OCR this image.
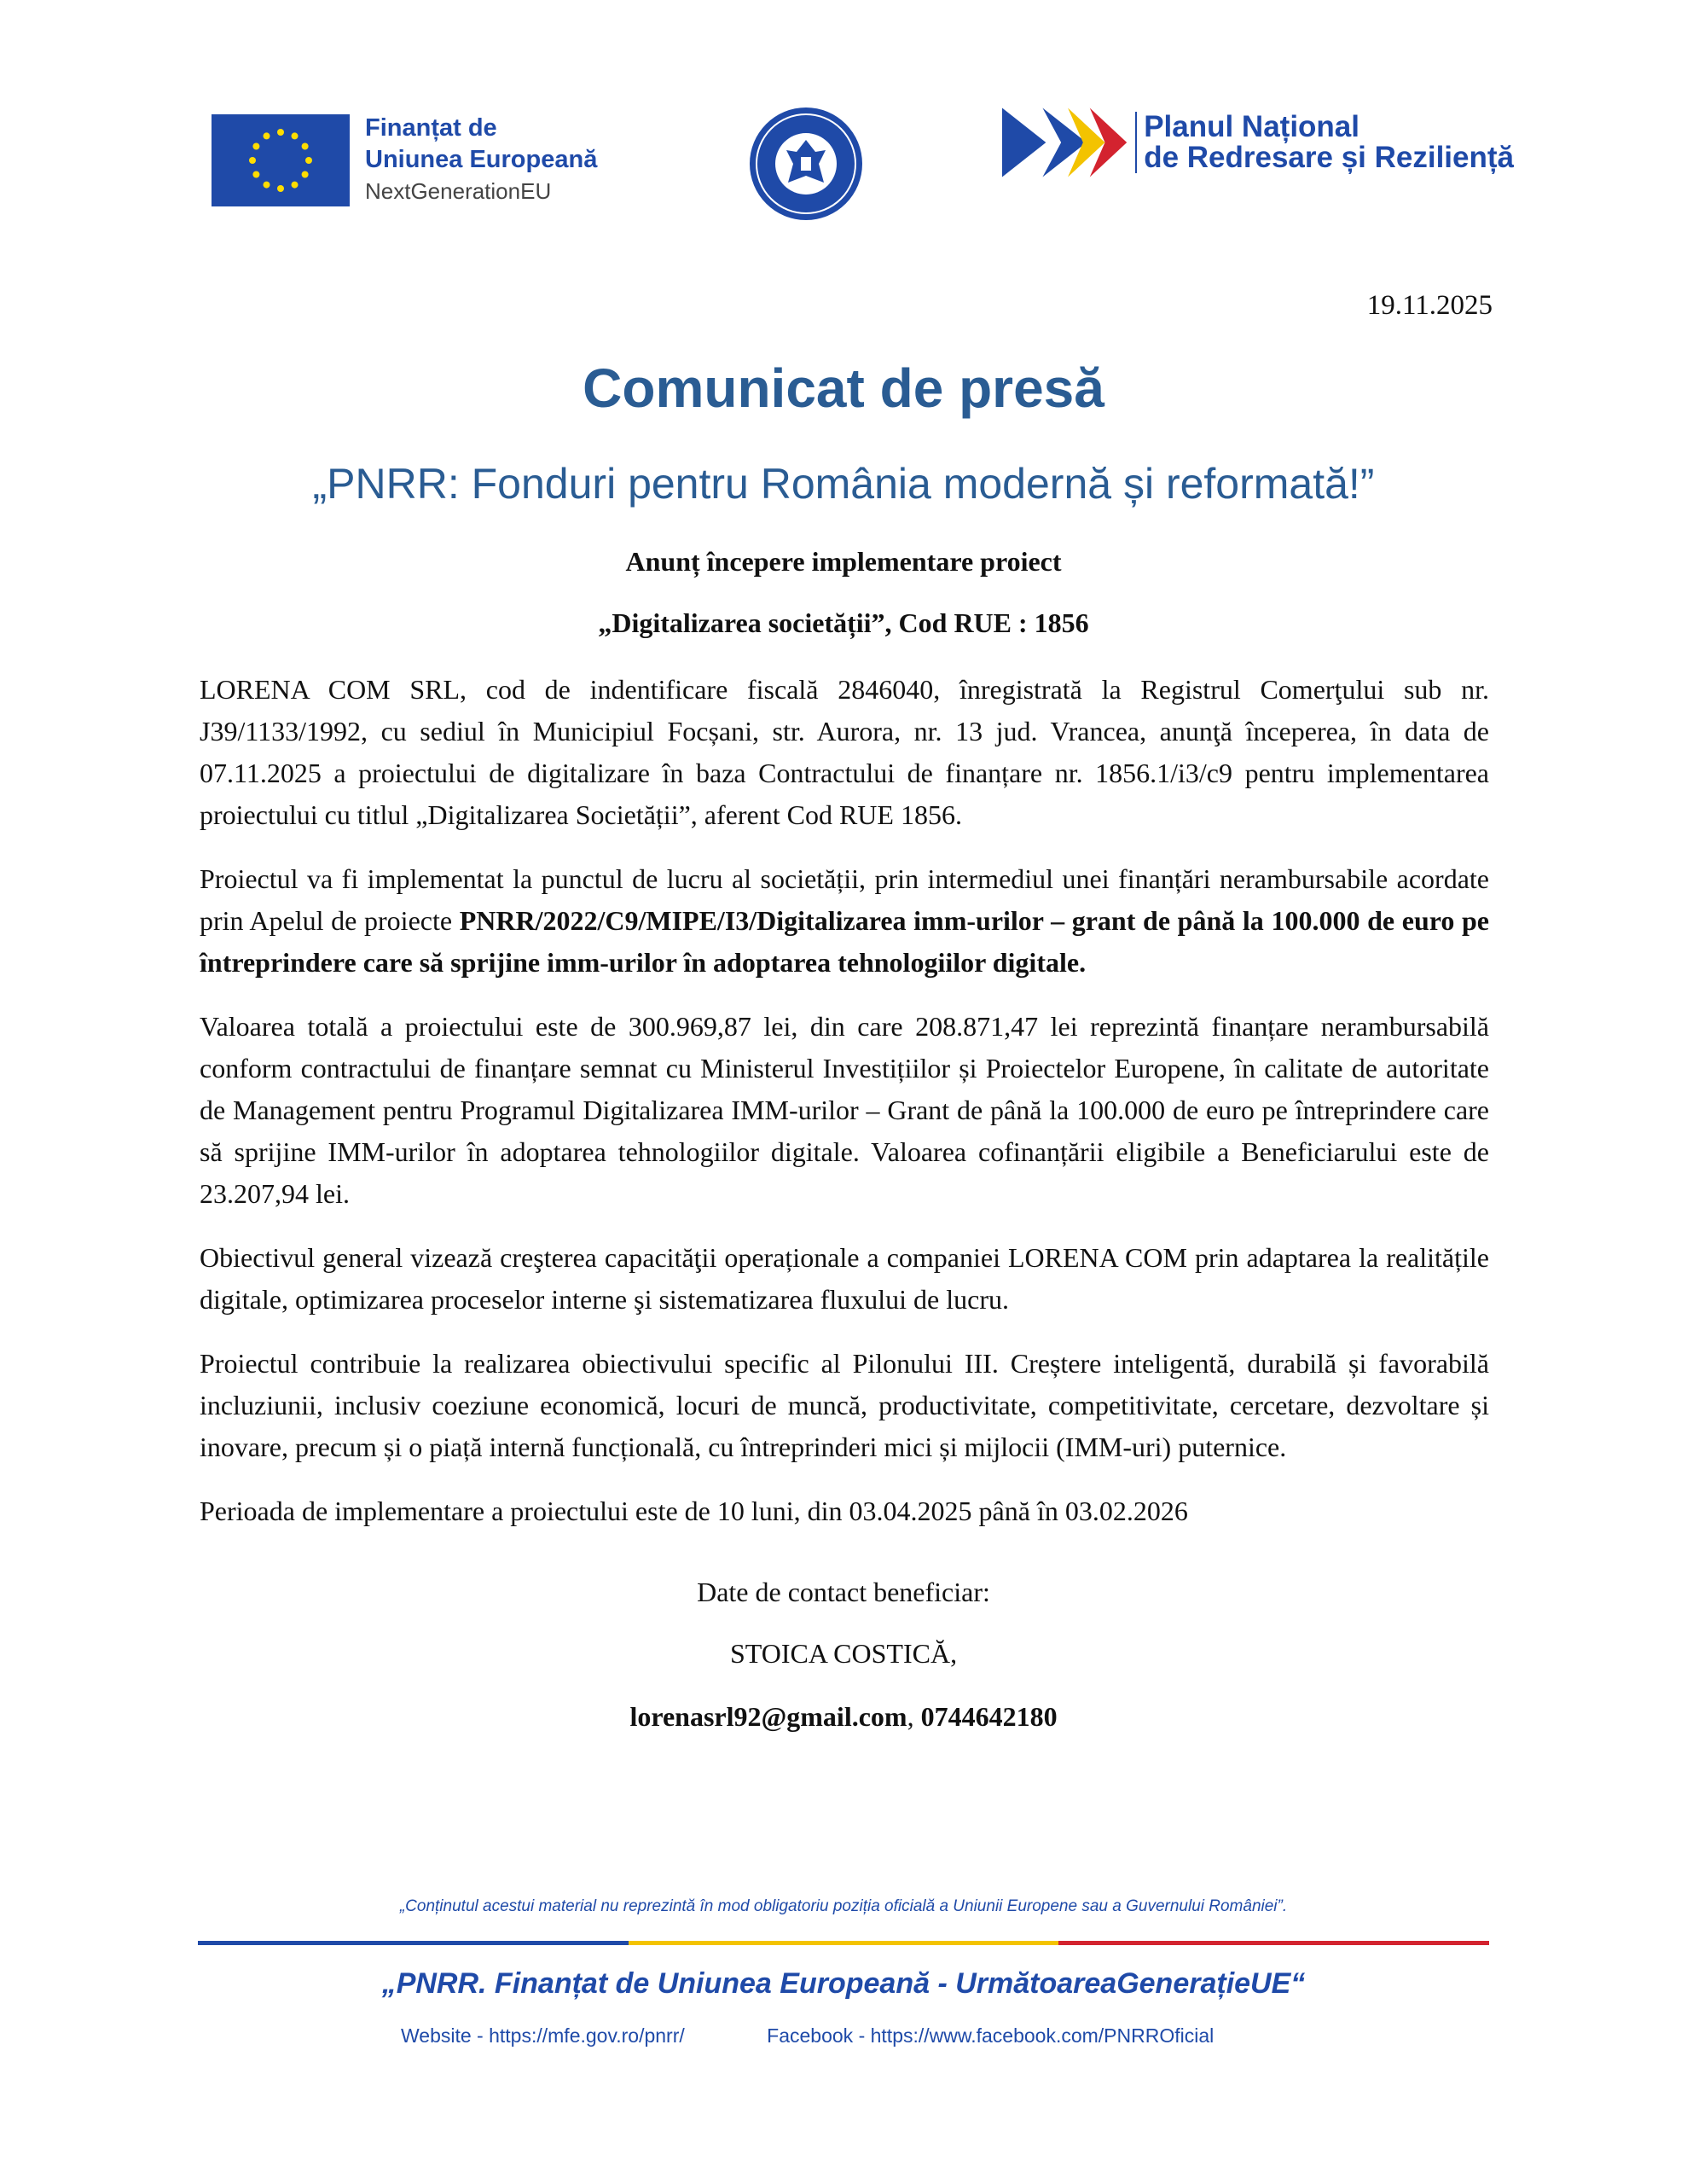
Finanțat de
Uniunea Europeană
NextGenerationEU
Planul Național
de Redresare și Reziliență
19.11.2025
Comunicat de presă
„PNRR: Fonduri pentru România modernă și reformată!”
Anunț începere implementare proiect
„Digitalizarea societății”, Cod RUE : 1856

LORENA COM SRL, cod de indentificare fiscală 2846040, înregistrată la Registrul Comerţului sub nr. J39/1133/1992, cu sediul în Municipiul Focșani, str. Aurora, nr. 13 jud. Vrancea, anunţă începerea, în data de 07.11.2025 a proiectului de digitalizare în baza Contractului de finanțare nr. 1856.1/i3/c9 pentru implementarea proiectului cu titlul „Digitalizarea Societății”, aferent Cod RUE 1856.

Proiectul va fi implementat la punctul de lucru al societății, prin intermediul unei finanțări nerambursabile acordate prin Apelul de proiecte PNRR/2022/C9/MIPE/I3/Digitalizarea imm-urilor – grant de până la 100.000 de euro pe întreprindere care să sprijine imm-urilor în adoptarea tehnologiilor digitale.

Valoarea totală a proiectului este de 300.969,87 lei, din care 208.871,47 lei reprezintă finanțare nerambursabilă conform contractului de finanțare semnat cu Ministerul Investițiilor și Proiectelor Europene, în calitate de autoritate de Management pentru Programul Digitalizarea IMM-urilor – Grant de până la 100.000 de euro pe întreprindere care să sprijine IMM-urilor în adoptarea tehnologiilor digitale. Valoarea cofinanțării eligibile a Beneficiarului este de 23.207,94 lei.

Obiectivul general vizează creşterea capacităţii operaționale a companiei LORENA COM prin adaptarea la realitățile digitale, optimizarea proceselor interne şi sistematizarea fluxului de lucru.

Proiectul contribuie la realizarea obiectivului specific al Pilonului III. Creștere inteligentă, durabilă și favorabilă incluziunii, inclusiv coeziune economică, locuri de muncă, productivitate, competitivitate, cercetare, dezvoltare și inovare, precum și o piață internă funcțională, cu întreprinderi mici și mijlocii (IMM-uri) puternice.

Perioada de implementare a proiectului este de 10 luni, din 03.04.2025 până în 03.02.2026

Date de contact beneficiar:
STOICA COSTICĂ,
lorenasrl92@gmail.com, 0744642180
„Conținutul acestui material nu reprezintă în mod obligatoriu poziția oficială a Uniunii Europene sau a Guvernului României”.
„PNRR. Finanțat de Uniunea Europeană - UrmătoareaGenerațieUE“
Website - https://mfe.gov.ro/pnrr/	Facebook - https://www.facebook.com/PNRROficial
